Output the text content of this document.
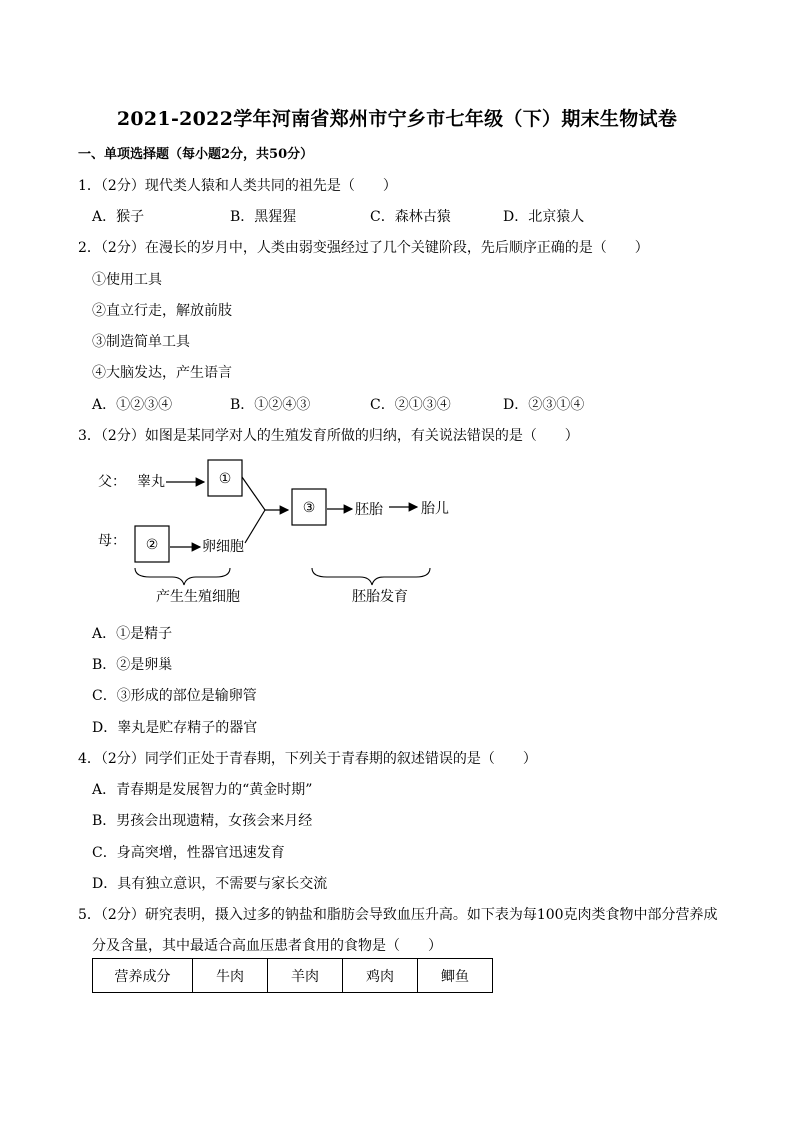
2021-2022学年河南省郑州市宁乡市七年级（下）期末生物试卷
一、单项选择题（每小题2分，共50分）
1．（2分）现代类人猿和人类共同的祖先是（　　）
A．猴子	B．黑猩猩	C．森林古猿	D．北京猿人
2．（2分）在漫长的岁月中，人类由弱变强经过了几个关键阶段，先后顺序正确的是（　　）
①使用工具
②直立行走，解放前肢
③制造简单工具
④大脑发达，产生语言
A．①②③④	B．①②④③	C．②①③④	D．②③①④
3．（2分）如图是某同学对人的生殖发育所做的归纳，有关说法错误的是（　　）
父： 睾丸	①
母： ②	卵细胞
③	胚胎	胎儿
产生生殖细胞	胚胎发育
A．①是精子
B．②是卵巢
C．③形成的部位是输卵管
D．睾丸是贮存精子的器官
4．（2分）同学们正处于青春期，下列关于青春期的叙述错误的是（　　）
A．青春期是发展智力的“黄金时期”
B．男孩会出现遗精，女孩会来月经
C．身高突增，性器官迅速发育
D．具有独立意识，不需要与家长交流
5．（2分）研究表明，摄入过多的钠盐和脂肪会导致血压升高。如下表为每100克肉类食物中部分营养成
分及含量，其中最适合高血压患者食用的食物是（　　）
营养成分	牛肉	羊肉	鸡肉	鲫鱼
